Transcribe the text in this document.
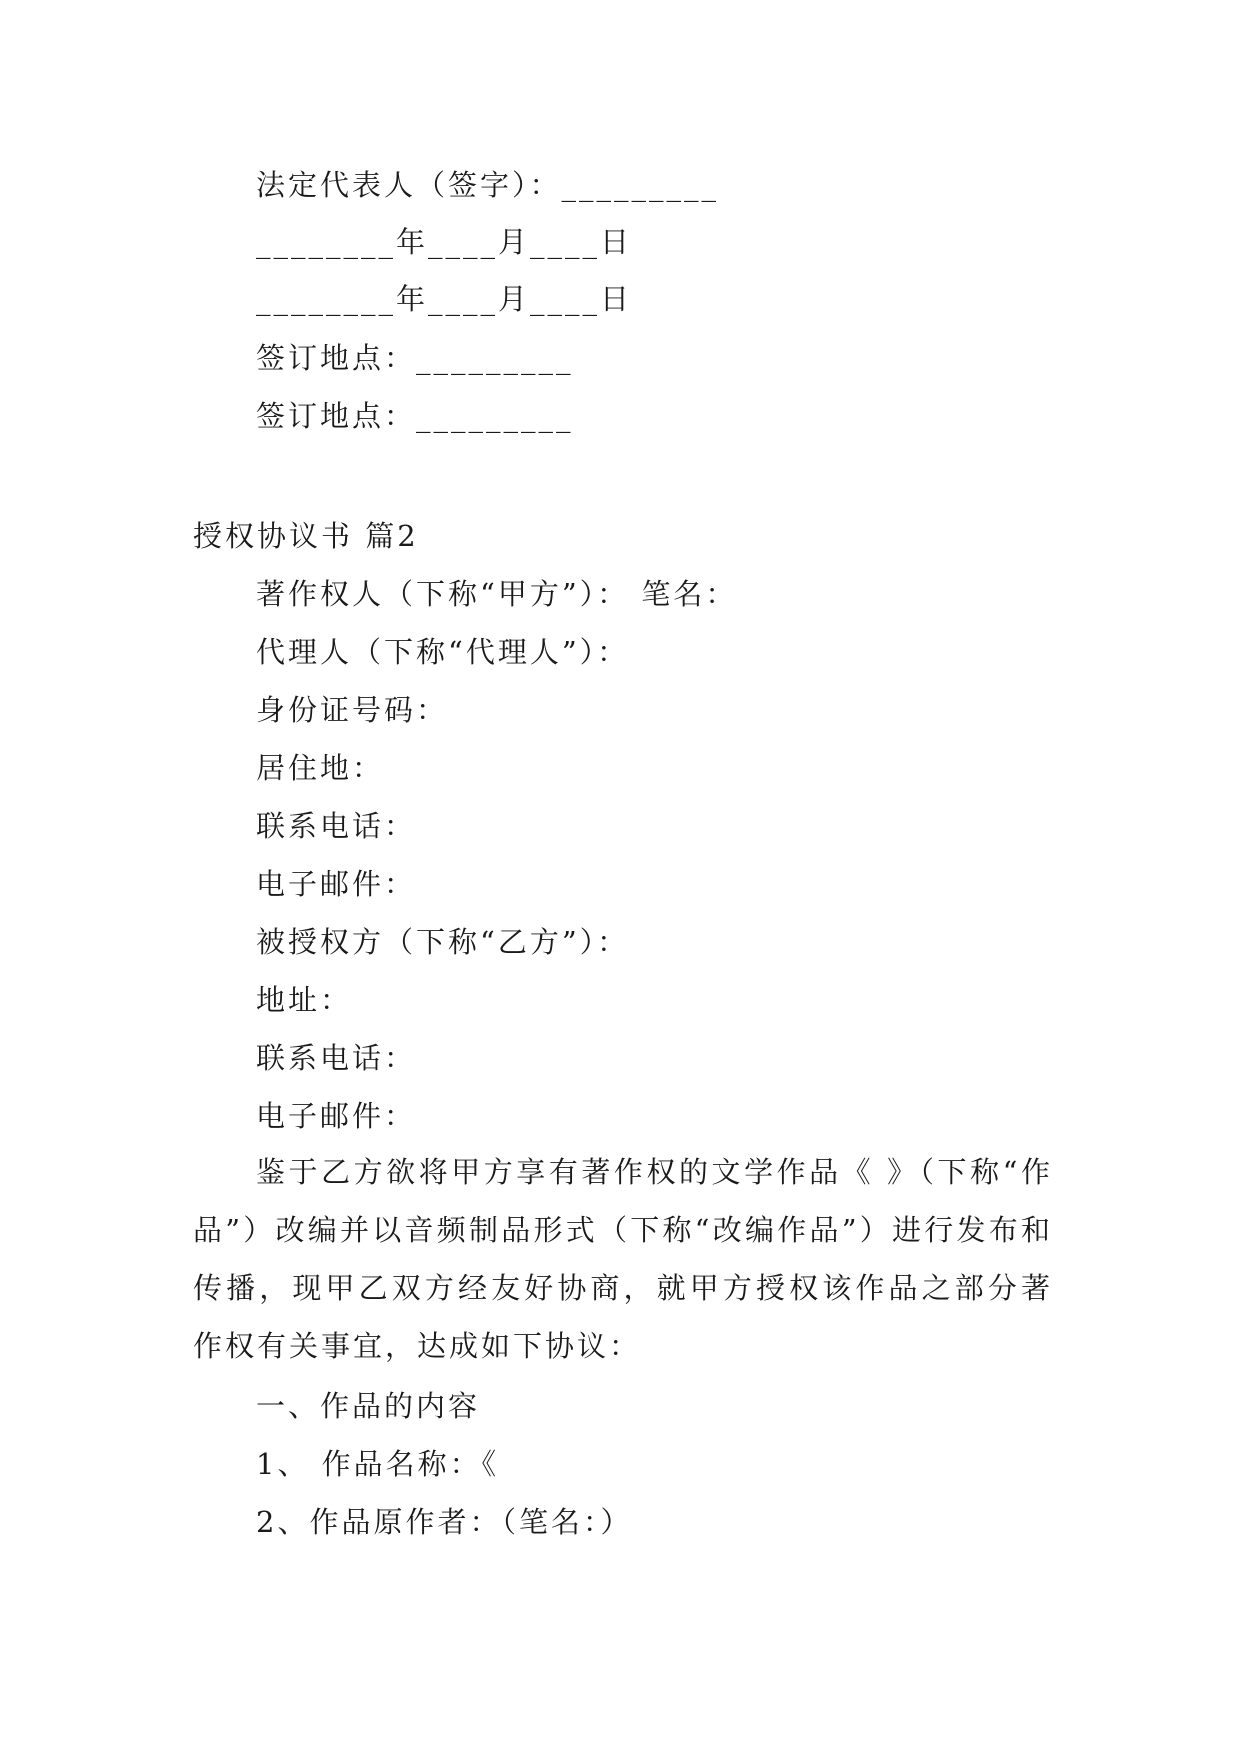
法定代表人（签字）：_________
________年____月____日
________年____月____日
签订地点：_________
签订地点：_________
授权协议书 篇2
著作权人（下称“甲方”）： 笔名：
代理人（下称“代理人”）：
身份证号码：
居住地：
联系电话：
电子邮件：
被授权方（下称“乙方”）：
地址：
联系电话：
电子邮件：
鉴于乙方欲将甲方享有著作权的文学作品《 》（下称“作品”）改编并以音频制品形式（下称“改编作品”）进行发布和传播，现甲乙双方经友好协商，就甲方授权该作品之部分著作权有关事宜，达成如下协议：
一、作品的内容
1、 作品名称：《
2、作品原作者：（笔名：）
